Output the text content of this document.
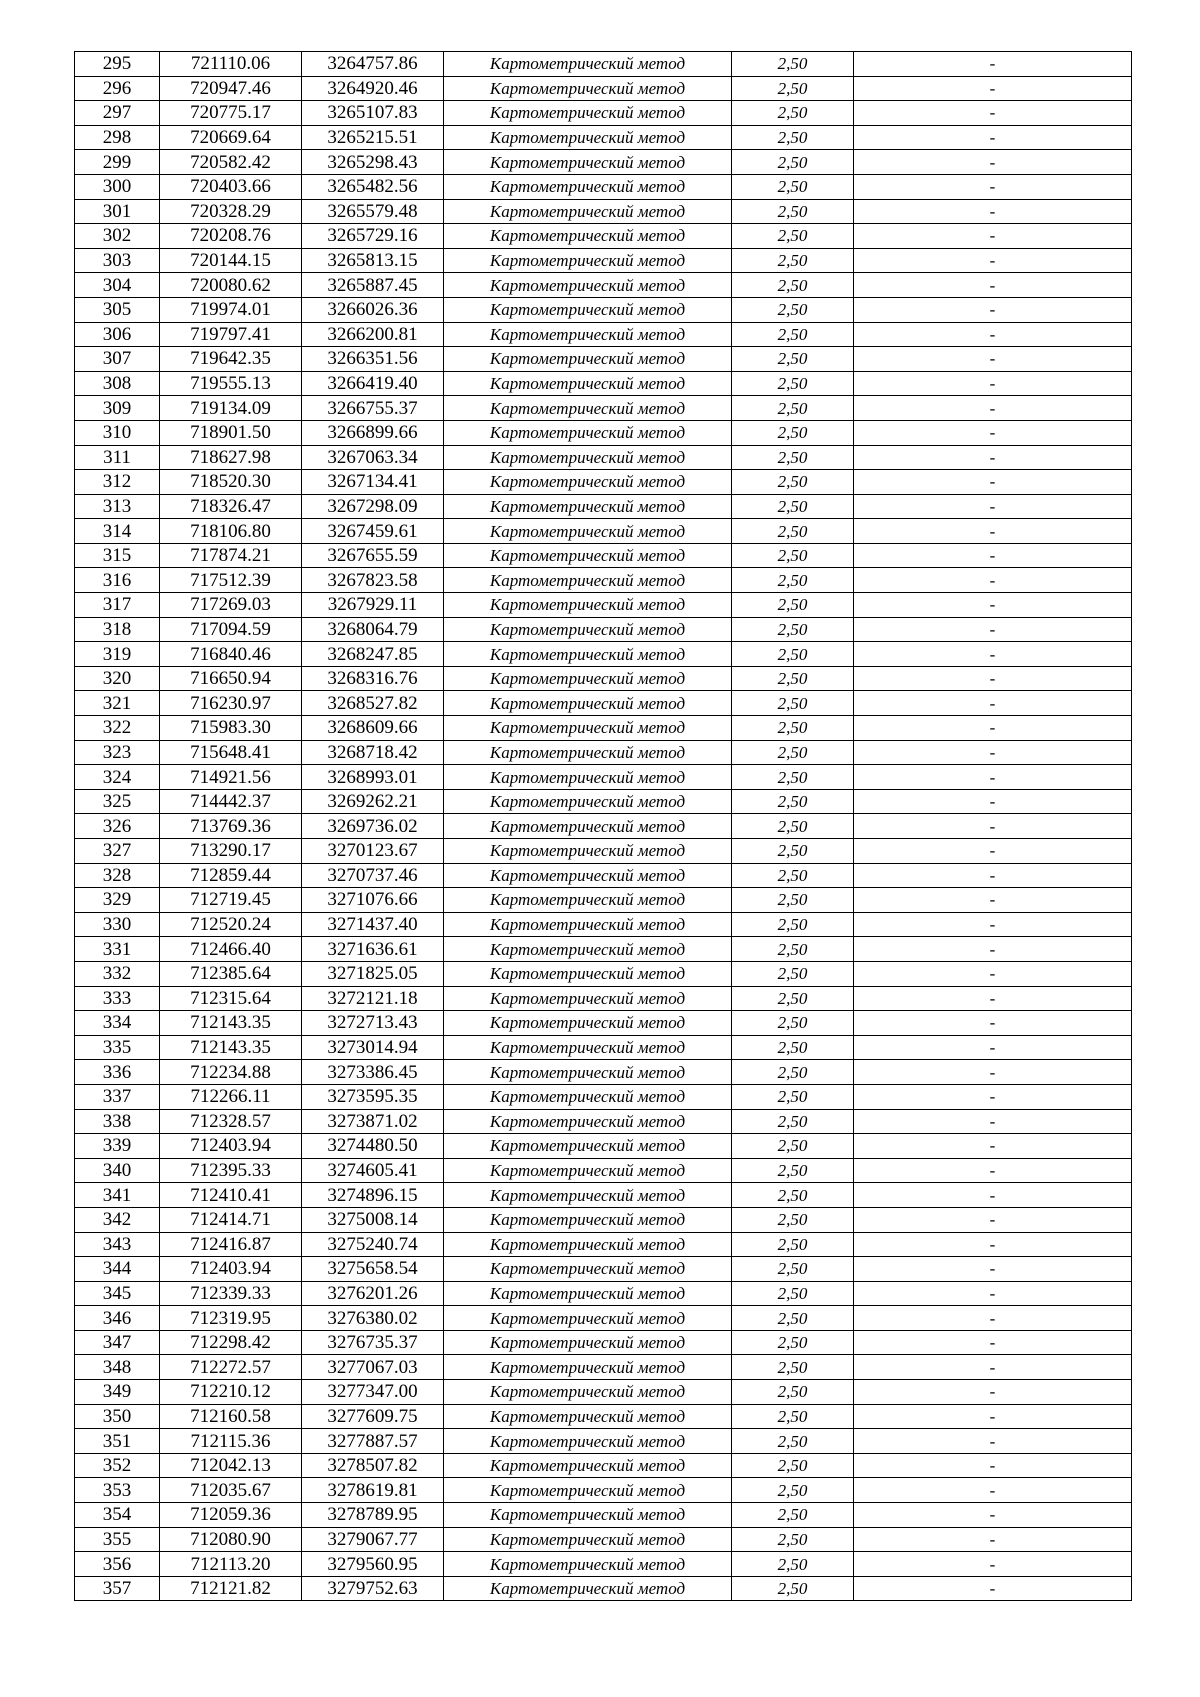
295	721110.06	3264757.86	Картометрический метод	2,50	-
296	720947.46	3264920.46	Картометрический метод	2,50	-
297	720775.17	3265107.83	Картометрический метод	2,50	-
298	720669.64	3265215.51	Картометрический метод	2,50	-
299	720582.42	3265298.43	Картометрический метод	2,50	-
300	720403.66	3265482.56	Картометрический метод	2,50	-
301	720328.29	3265579.48	Картометрический метод	2,50	-
302	720208.76	3265729.16	Картометрический метод	2,50	-
303	720144.15	3265813.15	Картометрический метод	2,50	-
304	720080.62	3265887.45	Картометрический метод	2,50	-
305	719974.01	3266026.36	Картометрический метод	2,50	-
306	719797.41	3266200.81	Картометрический метод	2,50	-
307	719642.35	3266351.56	Картометрический метод	2,50	-
308	719555.13	3266419.40	Картометрический метод	2,50	-
309	719134.09	3266755.37	Картометрический метод	2,50	-
310	718901.50	3266899.66	Картометрический метод	2,50	-
311	718627.98	3267063.34	Картометрический метод	2,50	-
312	718520.30	3267134.41	Картометрический метод	2,50	-
313	718326.47	3267298.09	Картометрический метод	2,50	-
314	718106.80	3267459.61	Картометрический метод	2,50	-
315	717874.21	3267655.59	Картометрический метод	2,50	-
316	717512.39	3267823.58	Картометрический метод	2,50	-
317	717269.03	3267929.11	Картометрический метод	2,50	-
318	717094.59	3268064.79	Картометрический метод	2,50	-
319	716840.46	3268247.85	Картометрический метод	2,50	-
320	716650.94	3268316.76	Картометрический метод	2,50	-
321	716230.97	3268527.82	Картометрический метод	2,50	-
322	715983.30	3268609.66	Картометрический метод	2,50	-
323	715648.41	3268718.42	Картометрический метод	2,50	-
324	714921.56	3268993.01	Картометрический метод	2,50	-
325	714442.37	3269262.21	Картометрический метод	2,50	-
326	713769.36	3269736.02	Картометрический метод	2,50	-
327	713290.17	3270123.67	Картометрический метод	2,50	-
328	712859.44	3270737.46	Картометрический метод	2,50	-
329	712719.45	3271076.66	Картометрический метод	2,50	-
330	712520.24	3271437.40	Картометрический метод	2,50	-
331	712466.40	3271636.61	Картометрический метод	2,50	-
332	712385.64	3271825.05	Картометрический метод	2,50	-
333	712315.64	3272121.18	Картометрический метод	2,50	-
334	712143.35	3272713.43	Картометрический метод	2,50	-
335	712143.35	3273014.94	Картометрический метод	2,50	-
336	712234.88	3273386.45	Картометрический метод	2,50	-
337	712266.11	3273595.35	Картометрический метод	2,50	-
338	712328.57	3273871.02	Картометрический метод	2,50	-
339	712403.94	3274480.50	Картометрический метод	2,50	-
340	712395.33	3274605.41	Картометрический метод	2,50	-
341	712410.41	3274896.15	Картометрический метод	2,50	-
342	712414.71	3275008.14	Картометрический метод	2,50	-
343	712416.87	3275240.74	Картометрический метод	2,50	-
344	712403.94	3275658.54	Картометрический метод	2,50	-
345	712339.33	3276201.26	Картометрический метод	2,50	-
346	712319.95	3276380.02	Картометрический метод	2,50	-
347	712298.42	3276735.37	Картометрический метод	2,50	-
348	712272.57	3277067.03	Картометрический метод	2,50	-
349	712210.12	3277347.00	Картометрический метод	2,50	-
350	712160.58	3277609.75	Картометрический метод	2,50	-
351	712115.36	3277887.57	Картометрический метод	2,50	-
352	712042.13	3278507.82	Картометрический метод	2,50	-
353	712035.67	3278619.81	Картометрический метод	2,50	-
354	712059.36	3278789.95	Картометрический метод	2,50	-
355	712080.90	3279067.77	Картометрический метод	2,50	-
356	712113.20	3279560.95	Картометрический метод	2,50	-
357	712121.82	3279752.63	Картометрический метод	2,50	-
